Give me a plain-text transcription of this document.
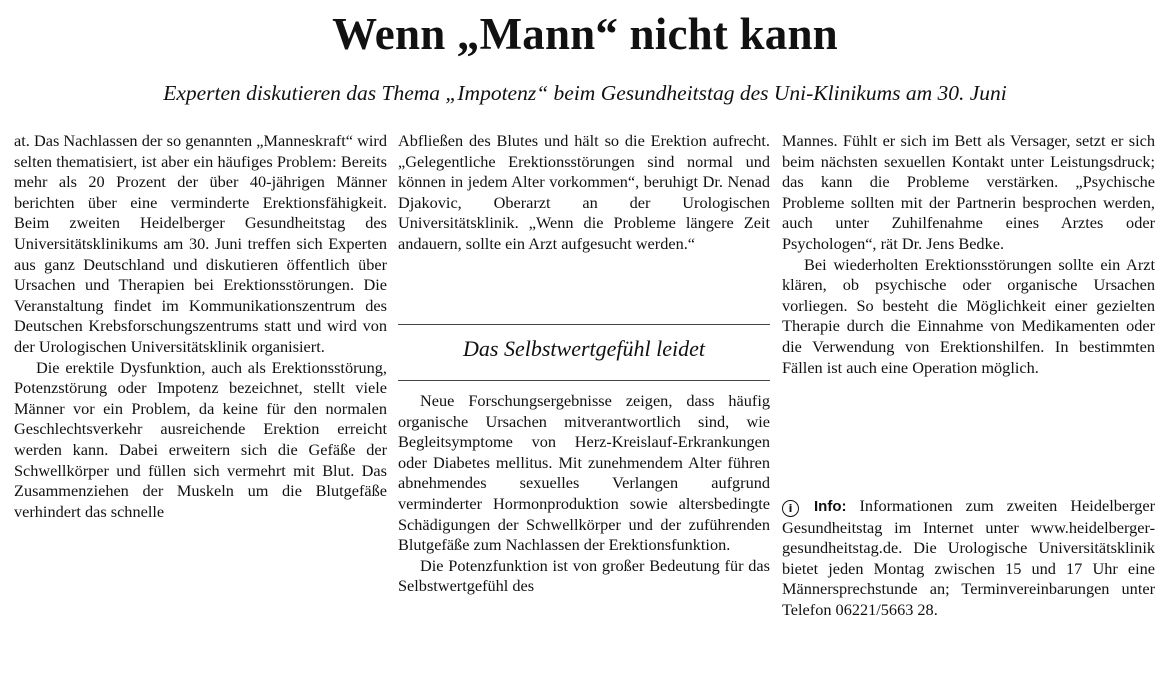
Wenn „Mann“ nicht kann
Experten diskutieren das Thema „Impotenz“ beim Gesundheitstag des Uni-Klinikums am 30. Juni

at. Das Nachlassen der so genannten „Manneskraft“ wird selten thematisiert, ist aber ein häufiges Problem: Bereits mehr als 20 Prozent der über 40-jährigen Männer berichten über eine verminderte Erektionsfähigkeit. Beim zweiten Heidelberger Gesundheitstag des Universitätsklinikums am 30. Juni treffen sich Experten aus ganz Deutschland und diskutieren öffentlich über Ursachen und Therapien bei Erektionsstörungen. Die Veranstaltung findet im Kommunikationszentrum des Deutschen Krebsforschungszentrums statt und wird von der Urologischen Universitätsklinik organisiert.

Die erektile Dysfunktion, auch als Erektionsstörung, Potenzstörung oder Impotenz bezeichnet, stellt viele Männer vor ein Problem, da keine für den normalen Geschlechtsverkehr ausreichende Erektion erreicht werden kann. Dabei erweitern sich die Gefäße der Schwellkörper und füllen sich vermehrt mit Blut. Das Zusammenziehen der Muskeln um die Blutgefäße verhindert das schnelle

Abfließen des Blutes und hält so die Erektion aufrecht. „Gelegentliche Erektionsstörungen sind normal und können in jedem Alter vorkommen“, beruhigt Dr. Nenad Djakovic, Oberarzt an der Urologischen Universitätsklinik. „Wenn die Probleme längere Zeit andauern, sollte ein Arzt aufgesucht werden.“

Das Selbstwertgefühl leidet

Neue Forschungsergebnisse zeigen, dass häufig organische Ursachen mitverantwortlich sind, wie Begleitsymptome von Herz-Kreislauf-Erkrankungen oder Diabetes mellitus. Mit zunehmendem Alter führen abnehmendes sexuelles Verlangen aufgrund verminderter Hormonproduktion sowie altersbedingte Schädigungen der Schwellkörper und der zuführenden Blutgefäße zum Nachlassen der Erektionsfunktion.

Die Potenzfunktion ist von großer Bedeutung für das Selbstwertgefühl des

Mannes. Fühlt er sich im Bett als Versager, setzt er sich beim nächsten sexuellen Kontakt unter Leistungsdruck; das kann die Probleme verstärken. „Psychische Probleme sollten mit der Partnerin besprochen werden, auch unter Zuhilfenahme eines Arztes oder Psychologen“, rät Dr. Jens Bedke.

Bei wiederholten Erektionsstörungen sollte ein Arzt klären, ob psychische oder organische Ursachen vorliegen. So besteht die Möglichkeit einer gezielten Therapie durch die Einnahme von Medikamenten oder die Verwendung von Erektionshilfen. In bestimmten Fällen ist auch eine Operation möglich.

i Info: Informationen zum zweiten Heidelberger Gesundheitstag im Internet unter www.heidelberger-gesundheitstag.de. Die Urologische Universitätsklinik bietet jeden Montag zwischen 15 und 17 Uhr eine Männersprechstunde an; Terminvereinbarungen unter Telefon 06221/5663 28.
